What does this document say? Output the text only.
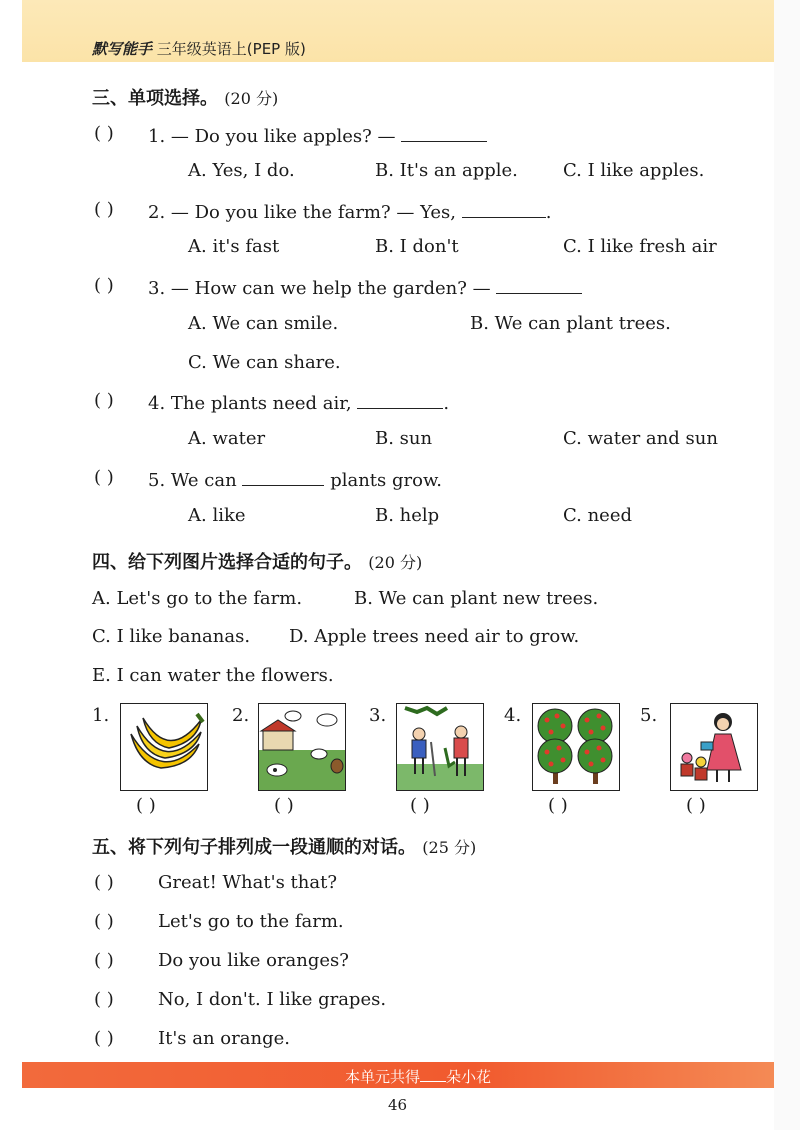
默写能手 三年级英语上(PEP 版)
三、单项选择。 (20 分)
( ) 1. — Do you like apples? —
A. Yes, I do.	B. It's an apple.	C. I like apples.
( ) 2. — Do you like the farm? — Yes,	.
A. it's fast	B. I don't	C. I like fresh air
( ) 3. — How can we help the garden? —
A. We can smile.	B. We can plant trees.
C. We can share.
( ) 4. The plants need air,	.
A. water	B. sun	C. water and sun
( ) 5. We can	plants grow.
A. like	B. help	C. need
四、给下列图片选择合适的句子。 (20 分)
A. Let's go to the farm.	B. We can plant new trees.
C. I like bananas. D. Apple trees need air to grow.
E. I can water the flowers.
1.
( )
2.
( )
3.
( )
4.
( )
5.
( )
五、将下列句子排列成一段通顺的对话。 (25 分)
( ) Great! What's that?
( ) Let's go to the farm.
( ) Do you like oranges?
( ) No, I don't. I like grapes.
( ) It's an orange.
本单元共得 朵小花
46
